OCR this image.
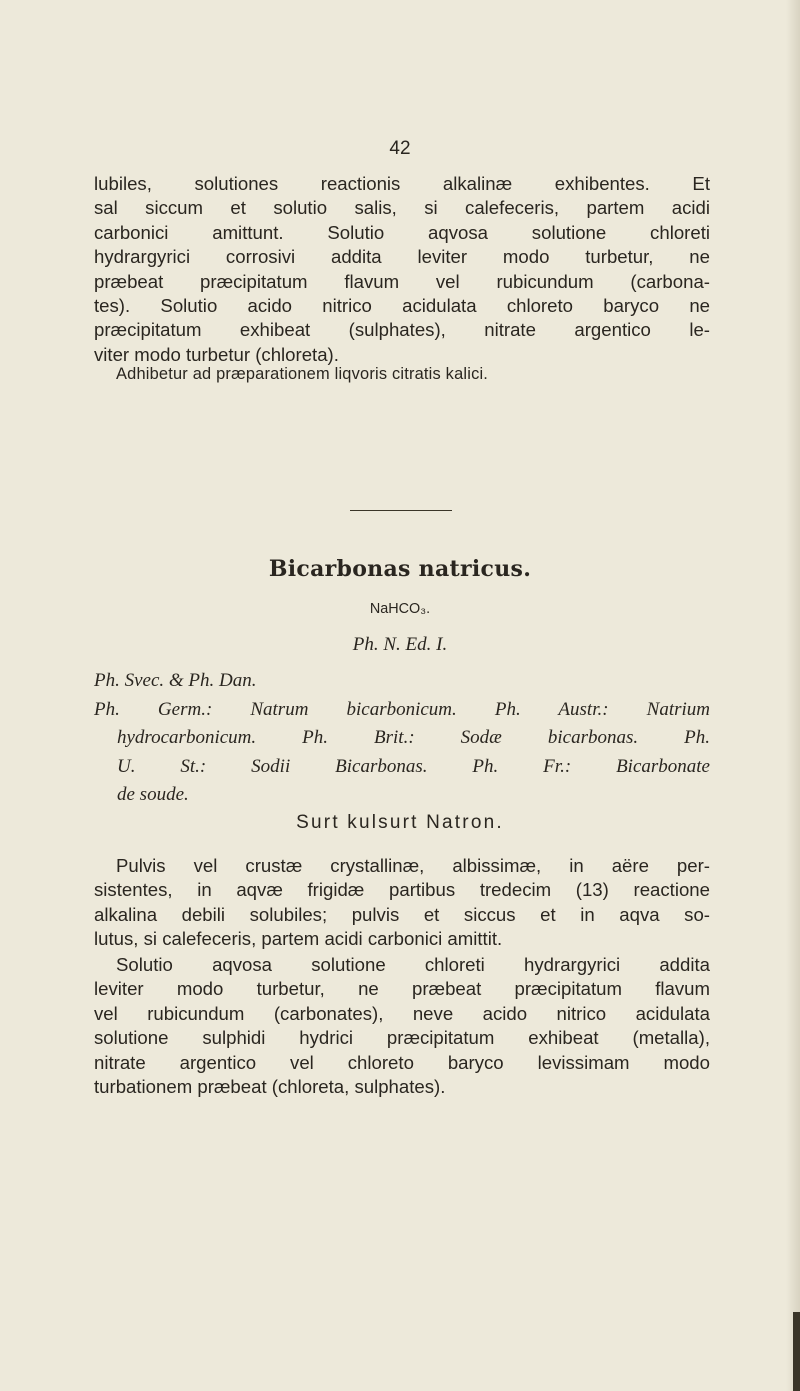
42
lubiles, solutiones reactionis alkalinæ exhibentes. Et
sal siccum et solutio salis, si calefeceris, partem acidi
carbonici amittunt. Solutio aqvosa solutione chloreti
hydrargyrici corrosivi addita leviter modo turbetur, ne
præbeat præcipitatum flavum vel rubicundum (carbona-
tes). Solutio acido nitrico acidulata chloreto baryco ne
præcipitatum exhibeat (sulphates), nitrate argentico le-
viter modo turbetur (chloreta).
Adhibetur ad præparationem liqvoris citratis kalici.
Bicarbonas natricus.
NaHCO₃.
Ph. N. Ed. I.
Ph. Svec. & Ph. Dan.
Ph. Germ.: Natrum bicarbonicum. Ph. Austr.: Natrium
hydrocarbonicum. Ph. Brit.: Sodæ bicarbonas. Ph.
U. St.: Sodii Bicarbonas. Ph. Fr.: Bicarbonate
de soude.
Surt kulsurt Natron.
Pulvis vel crustæ crystallinæ, albissimæ, in aëre per-
sistentes, in aqvæ frigidæ partibus tredecim (13) reactione
alkalina debili solubiles; pulvis et siccus et in aqva so-
lutus, si calefeceris, partem acidi carbonici amittit.
Solutio aqvosa solutione chloreti hydrargyrici addita
leviter modo turbetur, ne præbeat præcipitatum flavum
vel rubicundum (carbonates), neve acido nitrico acidulata
solutione sulphidi hydrici præcipitatum exhibeat (metalla),
nitrate argentico vel chloreto baryco levissimam modo
turbationem præbeat (chloreta, sulphates).
